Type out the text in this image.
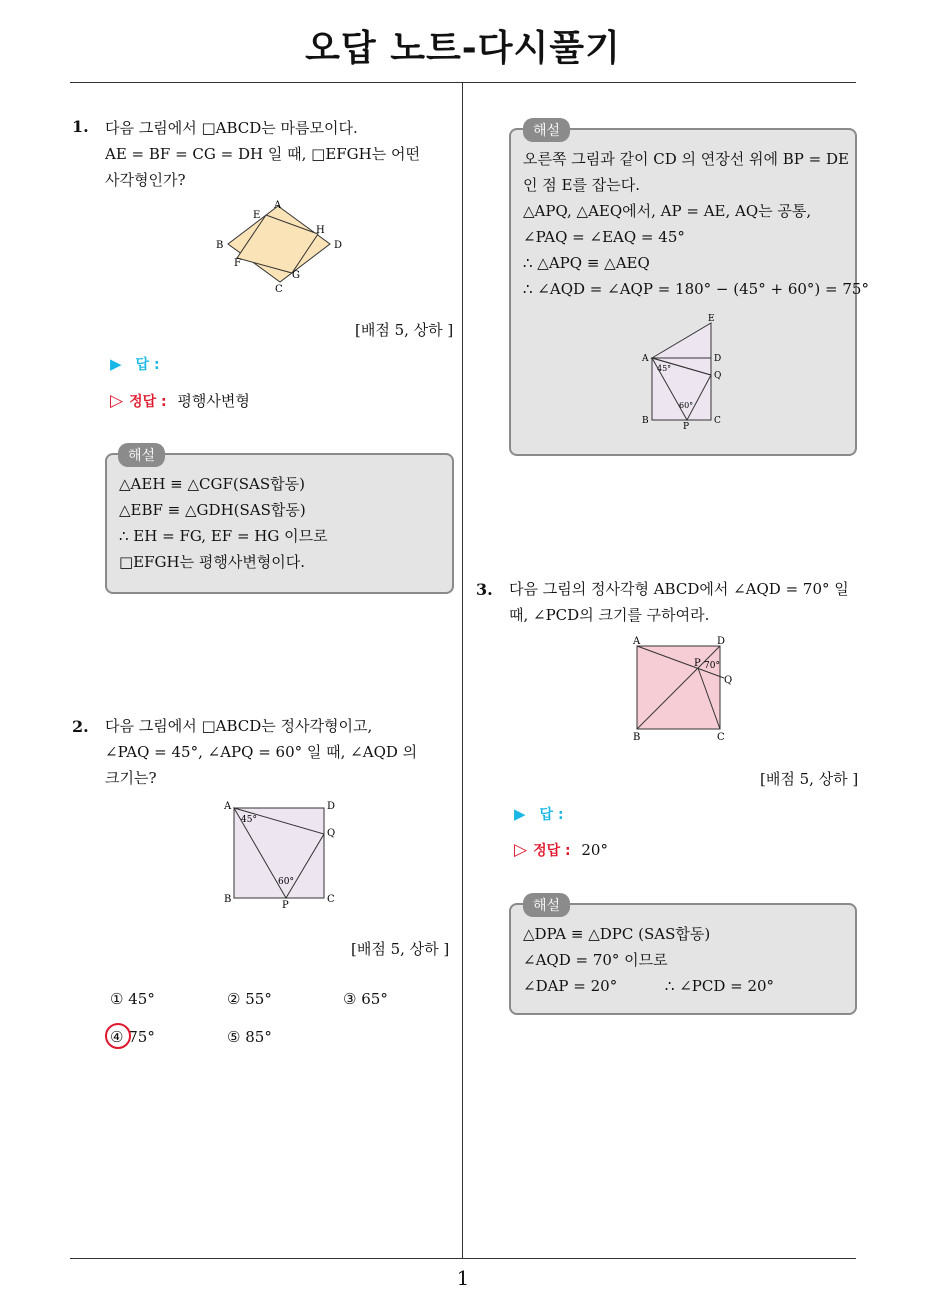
오답 노트-다시풀기
1
1. 다음 그림에서 □ABCD는 마름모이다.
AE = BF = CG = DH 일 때, □EFGH는 어떤
사각형인가?
A
B
C
D
E
F
G
H
[배점 5, 상하 ]
▶ 답 :
▷ 정답 : 평행사변형
△AEH ≡ △CGF(SAS합동)
△EBF ≡ △GDH(SAS합동)
∴ EH = FG, EF = HG 이므로
□EFGH는 평행사변형이다.
해설
2. 다음 그림에서 □ABCD는 정사각형이고,
∠PAQ = 45°, ∠APQ = 60° 일 때, ∠AQD 의
크기는?
A	D
Q
B	C
P
45°
60°
[배점 5, 상하 ]
① 45°	② 55°	③ 65°
④ 75°	⑤ 85°
오른쪽 그림과 같이 CD 의 연장선 위에 BP = DE
인 점 E를 잡는다.
△APQ, △AEQ에서, AP = AE, AQ는 공통,
∠PAQ = ∠EAQ = 45°
∴ △APQ ≡ △AEQ
∴ ∠AQD = ∠AQP = 180° − (45° + 60°) = 75°
해설
E
A	D
Q
B	C
P
45°
60°
3. 다음 그림의 정사각형 ABCD에서 ∠AQD = 70° 일
때, ∠PCD의 크기를 구하여라.
A	D
P
Q
B	C
70°
[배점 5, 상하 ]
▶ 답 :
▷ 정답 : 20°
△DPA ≡ △DPC (SAS합동)
∠AQD = 70° 이므로
∠DAP = 20°          ∴ ∠PCD = 20°
해설
